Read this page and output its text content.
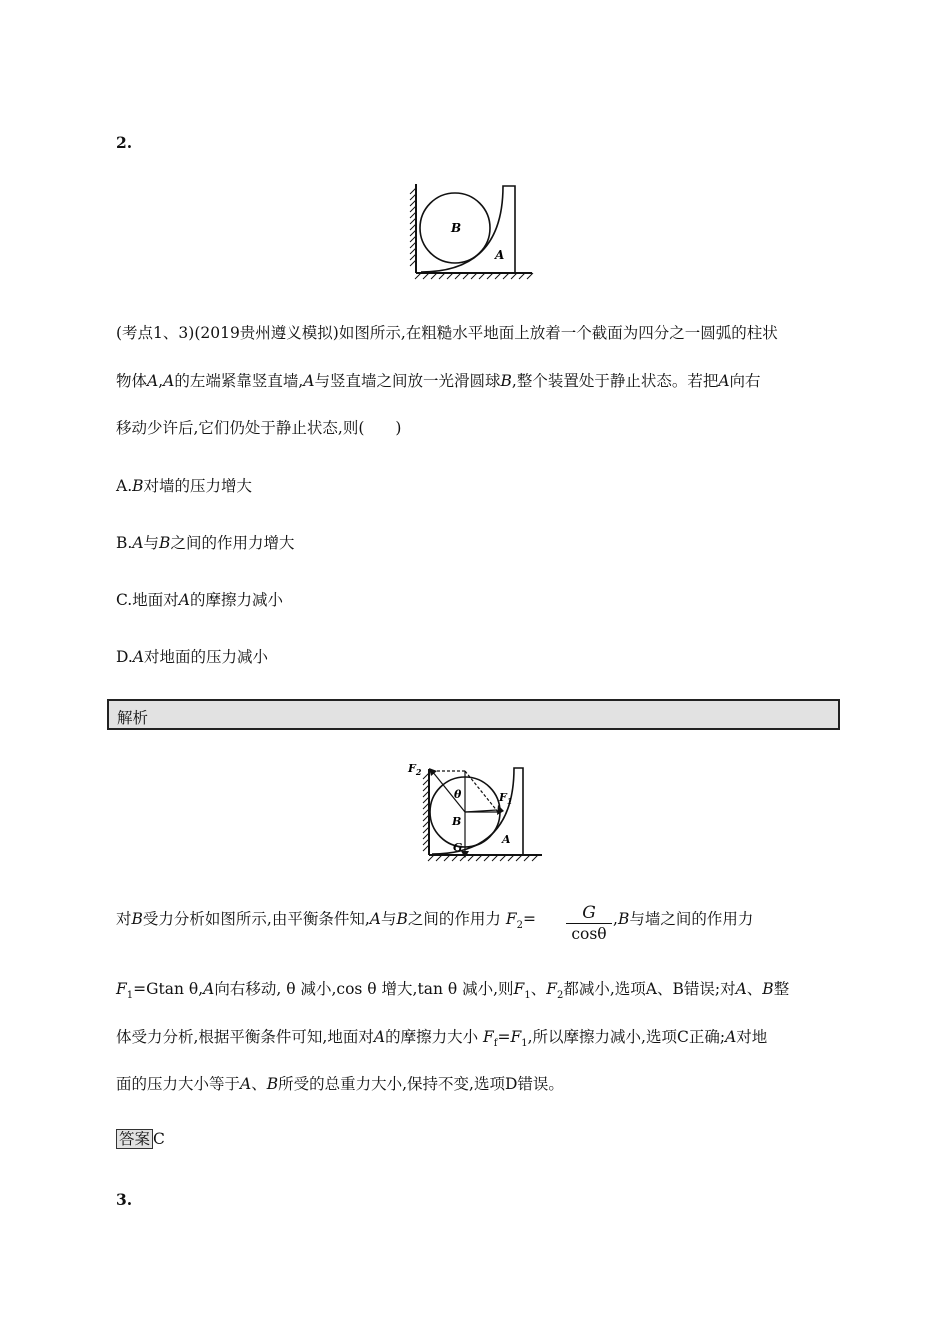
2.
B
A
(考点1、3)(2019贵州遵义模拟)如图所示,在粗糙水平地面上放着一个截面为四分之一圆弧的柱状
物体A,A的左端紧靠竖直墙,A与竖直墙之间放一光滑圆球B,整个装置处于静止状态。若把A向右
移动少许后,它们仍处于静止状态,则(　　)
A.B对墙的压力增大
B.A与B之间的作用力增大
C.地面对A的摩擦力减小
D.A对地面的压力减小
解析
$F_2$
θ	$F_1$
B
A
G
对B受力分析如图所示,由平衡条件知,A与B之间的作用力 $F_2= \frac{G}{\cos\theta} ,B$与墙之间的作用力
$F_1=Gtan$ θ,A向右移动, θ 减小,cos θ 增大,tan θ 减小,则$F_1$、$F_2$都减小,选项A、B错误;对A、B整
体受力分析,根据平衡条件可知,地面对A的摩擦力大小 $F_f=F_1$,所以摩擦力减小,选项C正确;A对地
面的压力大小等于A、B所受的总重力大小,保持不变,选项D错误。
答案 C
3.
